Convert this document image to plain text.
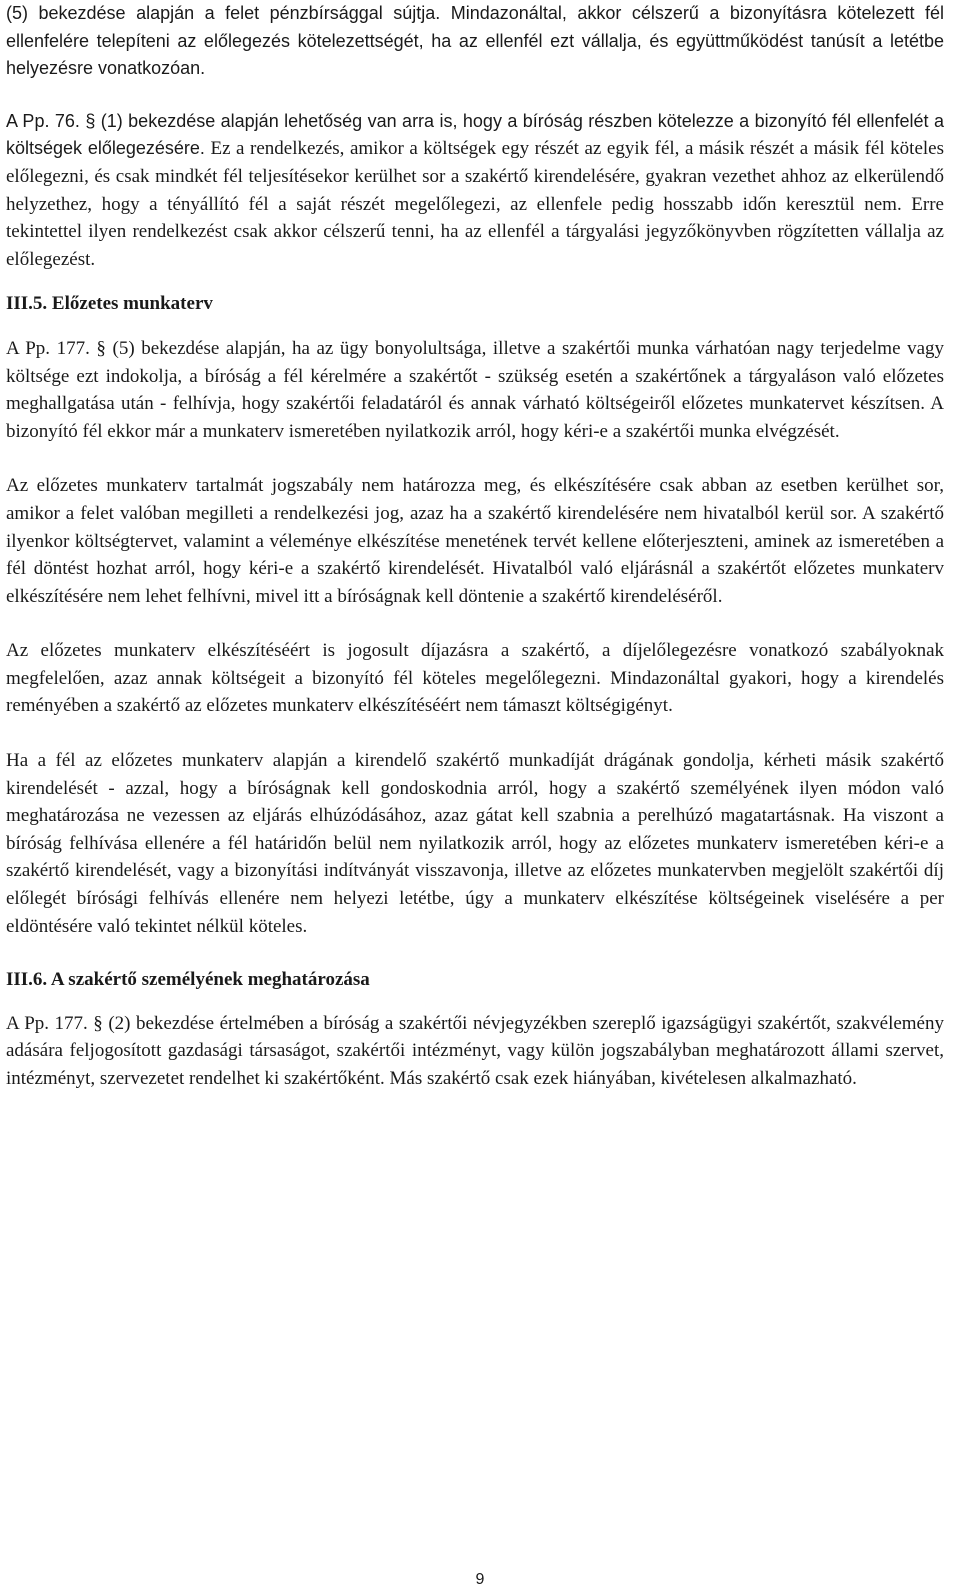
(5) bekezdése alapján a felet pénzbírsággal sújtja. Mindazonáltal, akkor célszerű a bizonyításra kötelezett fél ellenfelére telepíteni az előlegezés kötelezettségét, ha az ellenfél ezt vállalja, és együttműködést tanúsít a letétbe helyezésre vonatkozóan.

A Pp. 76. § (1) bekezdése alapján lehetőség van arra is, hogy a bíróság részben kötelezze a bizonyító fél ellenfelét a költségek előlegezésére. Ez a rendelkezés, amikor a költségek egy részét az egyik fél, a másik részét a másik fél köteles előlegezni, és csak mindkét fél teljesítésekor kerülhet sor a szakértő kirendelésére, gyakran vezethet ahhoz az elkerülendő helyzethez, hogy a tényállító fél a saját részét megelőlegezi, az ellenfele pedig hosszabb időn keresztül nem. Erre tekintettel ilyen rendelkezést csak akkor célszerű tenni, ha az ellenfél a tárgyalási jegyzőkönyvben rögzítetten vállalja az előlegezést.

III.5. Előzetes munkaterv

A Pp. 177. § (5) bekezdése alapján, ha az ügy bonyolultsága, illetve a szakértői munka várhatóan nagy terjedelme vagy költsége ezt indokolja, a bíróság a fél kérelmére a szakértőt - szükség esetén a szakértőnek a tárgyaláson való előzetes meghallgatása után - felhívja, hogy szakértői feladatáról és annak várható költségeiről előzetes munkatervet készítsen. A bizonyító fél ekkor már a munkaterv ismeretében nyilatkozik arról, hogy kéri-e a szakértői munka elvégzését.

Az előzetes munkaterv tartalmát jogszabály nem határozza meg, és elkészítésére csak abban az esetben kerülhet sor, amikor a felet valóban megilleti a rendelkezési jog, azaz ha a szakértő kirendelésére nem hivatalból kerül sor. A szakértő ilyenkor költségtervet, valamint a véleménye elkészítése menetének tervét kellene előterjeszteni, aminek az ismeretében a fél döntést hozhat arról, hogy kéri-e a szakértő kirendelését. Hivatalból való eljárásnál a szakértőt előzetes munkaterv elkészítésére nem lehet felhívni, mivel itt a bíróságnak kell döntenie a szakértő kirendeléséről.

Az előzetes munkaterv elkészítéséért is jogosult díjazásra a szakértő, a díjelőlegezésre vonatkozó szabályoknak megfelelően, azaz annak költségeit a bizonyító fél köteles megelőlegezni. Mindazonáltal gyakori, hogy a kirendelés reményében a szakértő az előzetes munkaterv elkészítéséért nem támaszt költségigényt.

Ha a fél az előzetes munkaterv alapján a kirendelő szakértő munkadíját drágának gondolja, kérheti másik szakértő kirendelését - azzal, hogy a bíróságnak kell gondoskodnia arról, hogy a szakértő személyének ilyen módon való meghatározása ne vezessen az eljárás elhúzódásához, azaz gátat kell szabnia a perelhúzó magatartásnak. Ha viszont a bíróság felhívása ellenére a fél határidőn belül nem nyilatkozik arról, hogy az előzetes munkaterv ismeretében kéri-e a szakértő kirendelését, vagy a bizonyítási indítványát visszavonja, illetve az előzetes munkatervben megjelölt szakértői díj előlegét bírósági felhívás ellenére nem helyezi letétbe, úgy a munkaterv elkészítése költségeinek viselésére a per eldöntésére való tekintet nélkül köteles.

III.6. A szakértő személyének meghatározása

A Pp. 177. § (2) bekezdése értelmében a bíróság a szakértői névjegyzékben szereplő igazságügyi szakértőt, szakvélemény adására feljogosított gazdasági társaságot, szakértői intézményt, vagy külön jogszabályban meghatározott állami szervet, intézményt, szervezetet rendelhet ki szakértőként. Más szakértő csak ezek hiányában, kivételesen alkalmazható.

9
